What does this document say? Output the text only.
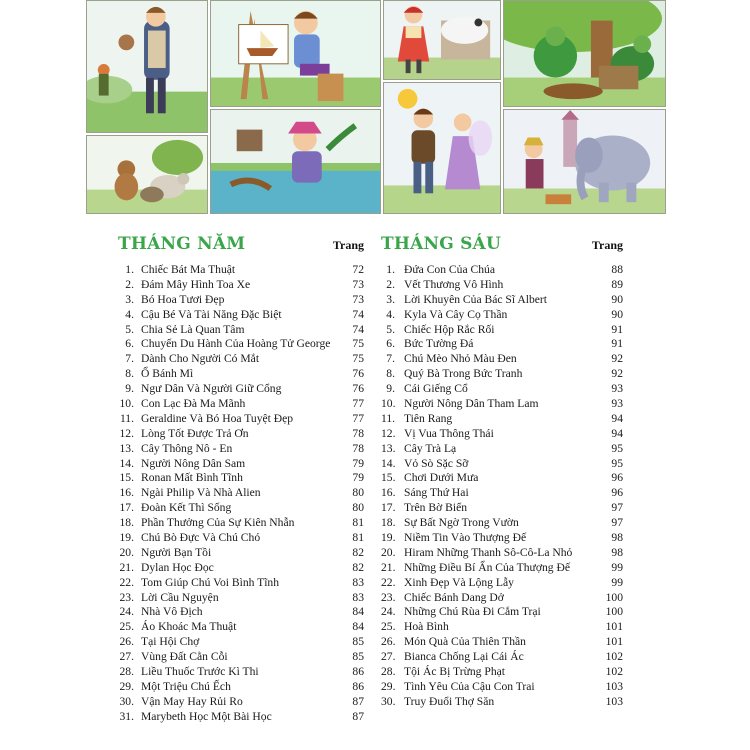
THÁNG NĂM	Trang
1. Chiếc Bát Ma Thuật	72
2. Đám Mây Hình Toa Xe	73
3. Bó Hoa Tươi Đẹp	73
4. Cậu Bé Và Tài Năng Đặc Biệt	74
5. Chia Sẻ Là Quan Tâm	74
6. Chuyến Du Hành Của Hoàng Tử George 75
7. Dành Cho Người Có Mắt	75
8. Ổ Bánh Mì	76
9. Ngư Dân Và Người Giữ Cổng	76
10. Con Lạc Đà Ma Mãnh	77
11. Geraldine Và Bó Hoa Tuyệt Đẹp	77
12. Lòng Tốt Được Trả Ơn	78
13. Cây Thông Nô - En	78
14. Người Nông Dân Sam	79
15. Ronan Mất Bình Tĩnh	79
16. Ngài Philip Và Nhà Alien	80
17. Đoàn Kết Thì Sống	80
18. Phần Thưởng Của Sự Kiên Nhẫn	81
19. Chú Bò Đực Và Chú Chó	81
20. Người Bạn Tồi	82
21. Dylan Học Đọc	82
22. Tom Giúp Chú Voi Bình Tĩnh	83
23. Lời Cầu Nguyện	83
24. Nhà Vô Địch	84
25. Áo Khoác Ma Thuật	84
26. Tại Hội Chợ	85
27. Vùng Đất Cằn Cỗi	85
28. Liều Thuốc Trước Kì Thi	86
29. Một Triệu Chú Ếch	86
30. Vận May Hay Rủi Ro	87
31. Marybeth Học Một Bài Học	87
THÁNG SÁU	Trang
1. Đứa Con Của Chúa	88
2. Vết Thương Vô Hình	89
3. Lời Khuyên Của Bác Sĩ Albert	90
4. Kyla Và Cây Cọ Thần	90
5. Chiếc Hộp Rắc Rối	91
6. Bức Tường Đá	91
7. Chú Mèo Nhỏ Màu Đen	92
8. Quý Bà Trong Bức Tranh	92
9. Cái Giếng Cổ	93
10. Người Nông Dân Tham Lam	93
11. Tiên Rang	94
12. Vị Vua Thông Thái	94
13. Cây Trà Lạ	95
14. Vỏ Sò Sặc Sỡ	95
15. Chơi Dưới Mưa	96
16. Sáng Thứ Hai	96
17. Trên Bờ Biển	97
18. Sự Bất Ngờ Trong Vườn	97
19. Niềm Tin Vào Thượng Đế	98
20. Hiram Những Thanh Sô-Cô-La Nhỏ	98
21. Những Điều Bí Ẩn Của Thượng Đế	99
22. Xinh Đẹp Và Lộng Lẫy	99
23. Chiếc Bánh Dang Dở	100
24. Những Chú Rùa Đi Cắm Trại	100
25. Hoà Bình	101
26. Món Quà Của Thiên Thần	101
27. Bianca Chống Lại Cái Ác	102
28. Tội Ác Bị Trừng Phạt	102
29. Tình Yêu Của Cậu Con Trai	103
30. Truy Đuổi Thợ Săn	103
